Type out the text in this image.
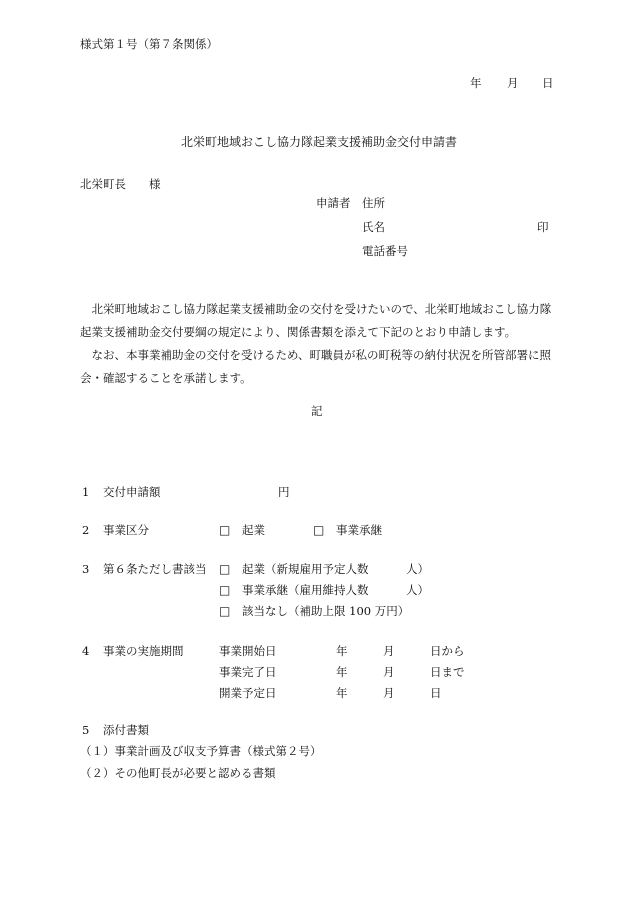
様式第１号（第７条関係）
年 月 日
北栄町地域おこし協力隊起業支援補助金交付申請書
北栄町長 様
申請者 住所
氏名	印
電話番号

北栄町地域おこし協力隊起業支援補助金の交付を受けたいので、北栄町地域おこし協力隊起業支援補助金交付要綱の規定により、関係書類を添えて下記のとおり申請します。

なお、本事業補助金の交付を受けるため、町職員が私の町税等の納付状況を所管部署に照会・確認することを承諾します。

記
1 交付申請額	円
2 事業区分	□ 起業	□ 事業承継
3 第６条ただし書該当 □ 起業（新規雇用予定人数	人）
□ 事業承継（雇用維持人数	人）
□ 該当なし（補助上限 100 万円）
4 事業の実施期間	事業開始日	年	月	日から
事業完了日	年	月	日まで
開業予定日	年	月	日
5 添付書類
（１）事業計画及び収支予算書（様式第２号）
（２）その他町長が必要と認める書類
